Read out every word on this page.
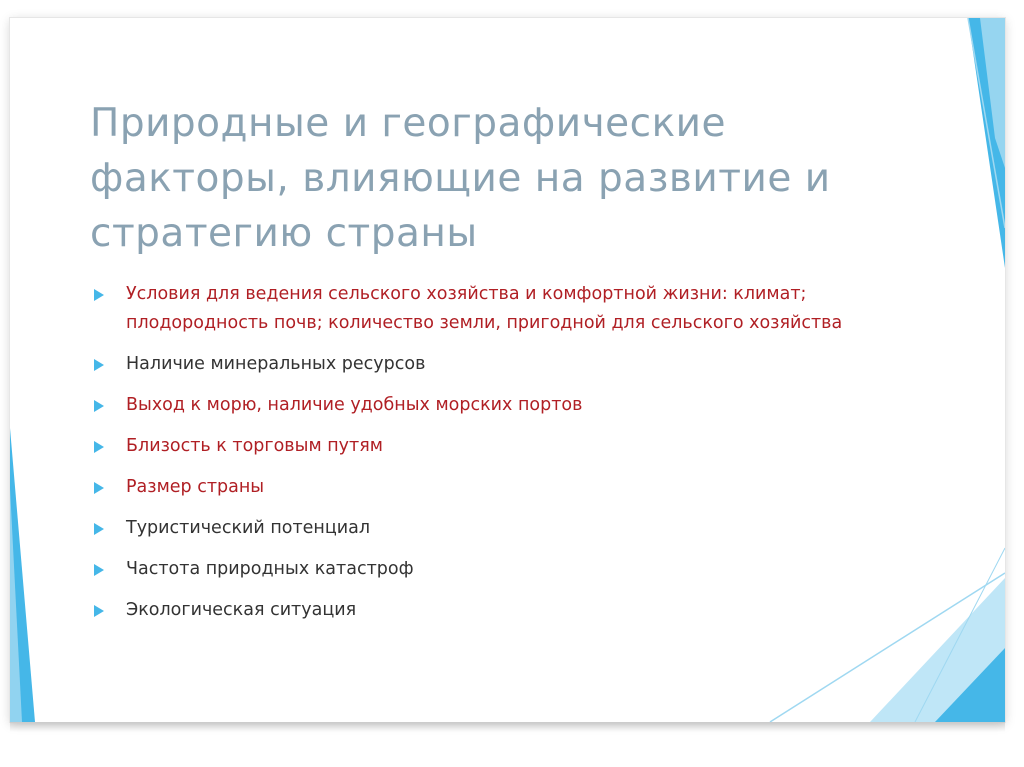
Природные и географические факторы, влияющие на развитие и стратегию страны
Условия для ведения сельского хозяйства и комфортной жизни: климат; плодородность почв; количество земли, пригодной для сельского хозяйства
Наличие минеральных ресурсов
Выход к морю, наличие удобных морских портов
Близость к торговым путям
Размер страны
Туристический потенциал
Частота природных катастроф
Экологическая ситуация
